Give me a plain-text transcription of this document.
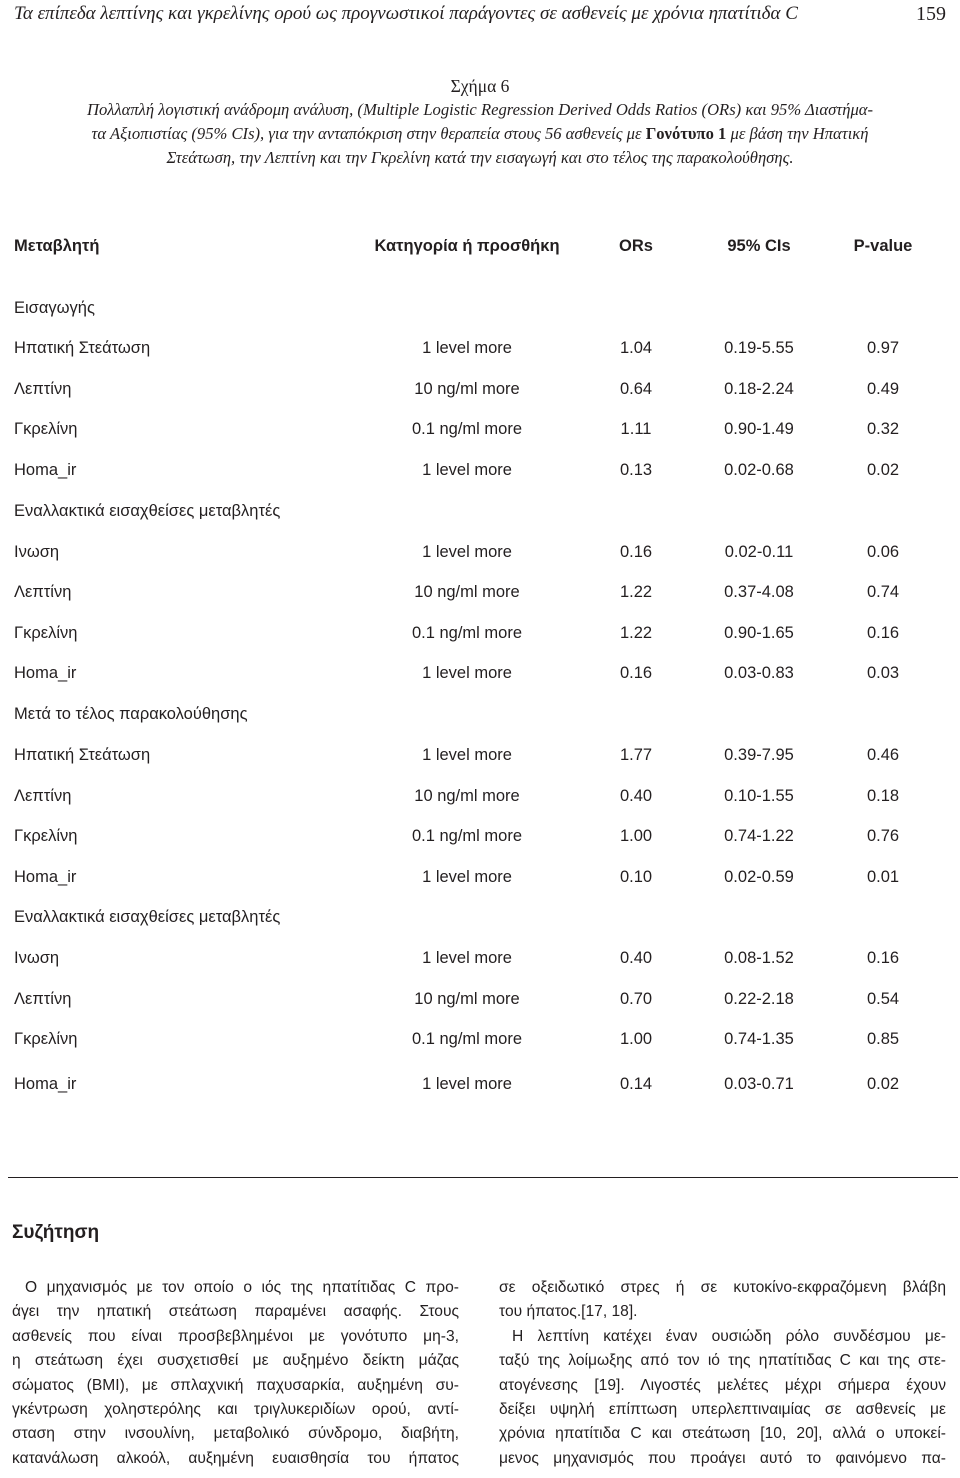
Τα επίπεδα λεπτίνης και γκρελίνης ορού ως προγνωστικοί παράγοντες σε ασθενείς με χρόνια ηπατίτιδα C	159
Σχήμα 6
Πολλαπλή λογιστική ανάδρομη ανάλυση, (Multiple Logistic Regression Derived Odds Ratios (ORs) και 95% Διαστήμα-
τα Αξιοπιστίας (95% CIs), για την ανταπόκριση στην θεραπεία στους 56 ασθενείς με Γονότυπο 1 με βάση την Ηπατική
Στεάτωση, την Λεπτίνη και την Γκρελίνη κατά την εισαγωγή και στο τέλος της παρακολούθησης.
Μεταβλητή	Κατηγορία ή προσθήκη	ORs	95% CIs	P-value
Εισαγωγής
Ηπατική Στεάτωση	1 level more	1.04	0.19-5.55	0.97
Λεπτίνη	10 ng/ml more	0.64	0.18-2.24	0.49
Γκρελίνη	0.1 ng/ml more	1.11	0.90-1.49	0.32
Homa_ir	1 level more	0.13	0.02-0.68	0.02
Εναλλακτικά εισαχθείσες μεταβλητές
Ινωση	1 level more	0.16	0.02-0.11	0.06
Λεπτίνη	10 ng/ml more	1.22	0.37-4.08	0.74
Γκρελίνη	0.1 ng/ml more	1.22	0.90-1.65	0.16
Homa_ir	1 level more	0.16	0.03-0.83	0.03
Μετά το τέλος παρακολούθησης
Ηπατική Στεάτωση	1 level more	1.77	0.39-7.95	0.46
Λεπτίνη	10 ng/ml more	0.40	0.10-1.55	0.18
Γκρελίνη	0.1 ng/ml more	1.00	0.74-1.22	0.76
Homa_ir	1 level more	0.10	0.02-0.59	0.01
Εναλλακτικά εισαχθείσες μεταβλητές
Ινωση	1 level more	0.40	0.08-1.52	0.16
Λεπτίνη	10 ng/ml more	0.70	0.22-2.18	0.54
Γκρελίνη	0.1 ng/ml more	1.00	0.74-1.35	0.85
Homa_ir	1 level more	0.14	0.03-0.71	0.02
Συζήτηση

Ο μηχανισμός με τον οποίο ο ιός της ηπατίτιδας C προ-
άγει την ηπατική στεάτωση παραμένει ασαφής. Στους
ασθενείς που είναι προσβεβλημένοι με γονότυπο μη-3,
η στεάτωση έχει συσχετισθεί με αυξημένο δείκτη μάζας
σώματος (BMI), με σπλαχνική παχυσαρκία, αυξημένη συ-
γκέντρωση χοληστερόλης και τριγλυκεριδίων ορού, αντί-
σταση στην ινσουλίνη, μεταβολικό σύνδρομο, διαβήτη,
κατανάλωση αλκοόλ, αυξημένη ευαισθησία του ήπατος

σε οξειδωτικό στρες ή σε κυτοκίνο-εκφραζόμενη βλάβη
του ήπατος.[17, 18].

Η λεπτίνη κατέχει έναν ουσιώδη ρόλο συνδέσμου με-
ταξύ της λοίμωξης από τον ιό της ηπατίτιδας C και της στε-
ατογένεσης [19]. Λιγοστές μελέτες μέχρι σήμερα έχουν
δείξει υψηλή επίπτωση υπερλεπτιναιμίας σε ασθενείς με
χρόνια ηπατίτιδα C και στεάτωση [10, 20], αλλά ο υποκεί-
μενος μηχανισμός που προάγει αυτό το φαινόμενο πα-
